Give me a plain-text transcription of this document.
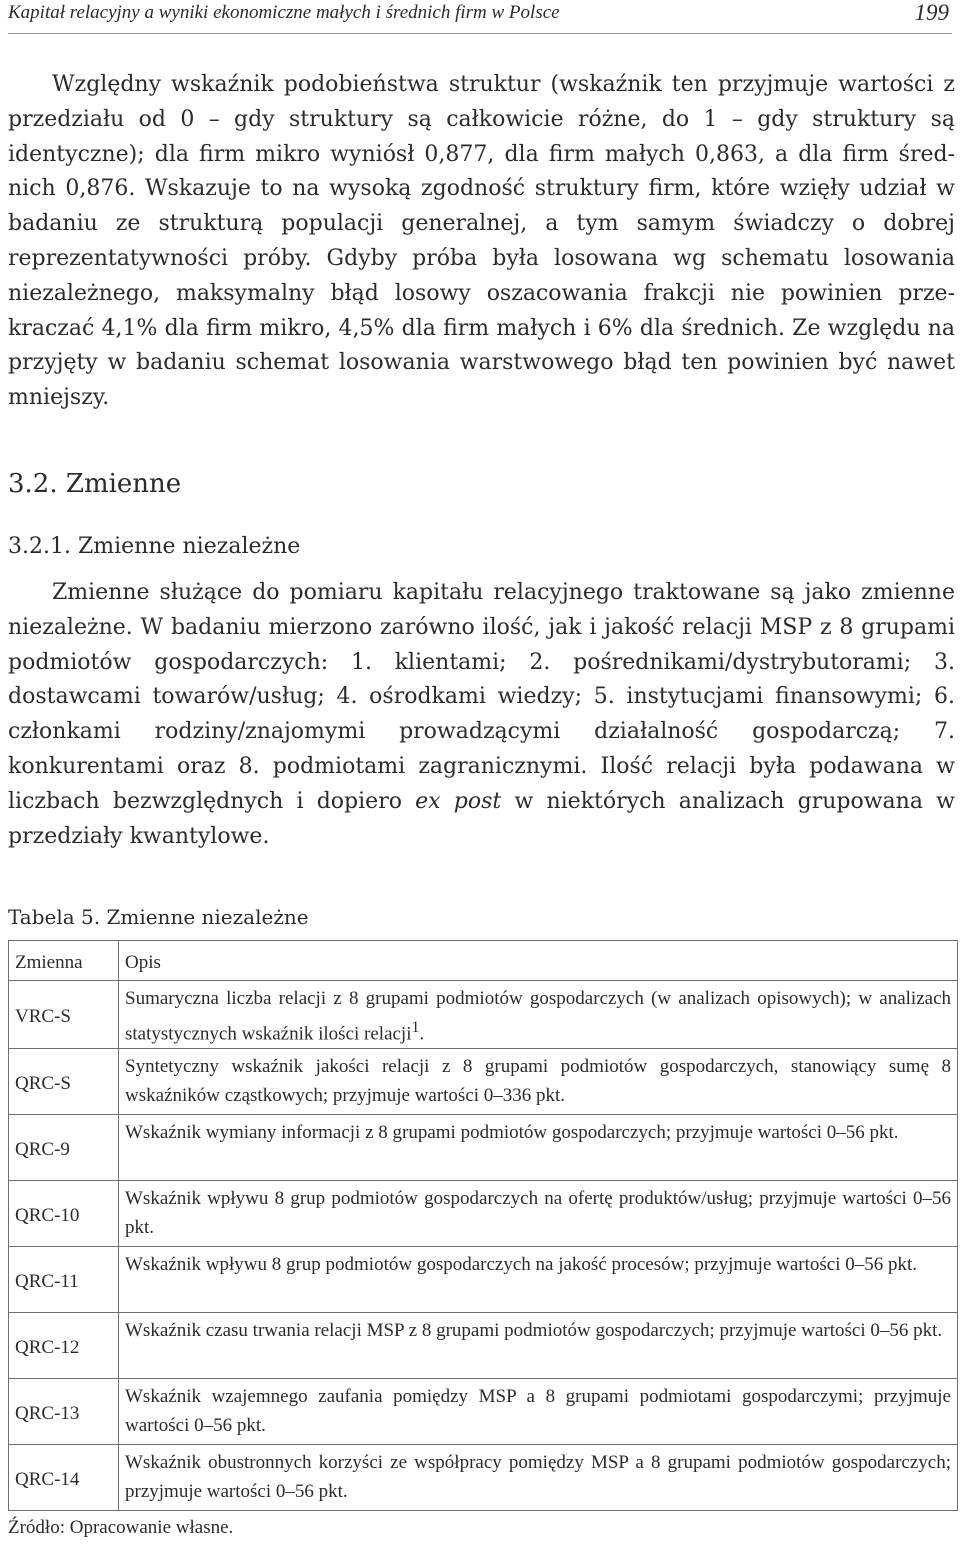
Kapitał relacyjny a wyniki ekonomiczne małych i średnich firm w Polsce	199

Względny wskaźnik podobieństwa struktur (wskaźnik ten przyjmuje wartości z przedziału od 0 – gdy struktury są całkowicie różne, do 1 – gdy struktury są identyczne); dla firm mikro wyniósł 0,877, dla firm małych 0,863, a dla firm średnich 0,876. Wskazuje to na wysoką zgodność struktury firm, które wzięły udział w badaniu ze strukturą populacji generalnej, a tym samym świadczy o dobrej reprezentatywności próby. Gdyby próba była losowana wg schematu losowania niezależnego, maksymalny błąd losowy oszacowania frakcji nie powinien przekraczać 4,1% dla firm mikro, 4,5% dla firm małych i 6% dla średnich. Ze względu na przyjęty w badaniu schemat losowania warstwowego błąd ten powinien być nawet mniejszy.

3.2. Zmienne
3.2.1. Zmienne niezależne

Zmienne służące do pomiaru kapitału relacyjnego traktowane są jako zmienne niezależne. W badaniu mierzono zarówno ilość, jak i jakość relacji MSP z 8 grupami podmiotów gospodarczych: 1. klientami; 2. pośrednikami/dystrybutorami; 3. dostawcami towarów/usług; 4. ośrodkami wiedzy; 5. instytucjami finansowymi; 6. członkami rodziny/znajomymi prowadzącymi działalność gospodarczą; 7. konkurentami oraz 8. podmiotami zagranicznymi. Ilość relacji była podawana w liczbach bezwzględnych i dopiero ex post w niektórych analizach grupowana w przedziały kwantylowe.

Tabela 5. Zmienne niezależne

Zmienna	Opis
VRC-S	Sumaryczna liczba relacji z 8 grupami podmiotów gospodarczych (w analizach opisowych); w analizach statystycznych wskaźnik ilości relacji$^1$.
QRC-S	Syntetyczny wskaźnik jakości relacji z 8 grupami podmiotów gospodarczych, stanowiący sumę 8 wskaźników cząstkowych; przyjmuje wartości 0–336 pkt.
QRC-9	Wskaźnik wymiany informacji z 8 grupami podmiotów gospodarczych; przyjmuje wartości 0–56 pkt.
QRC-10	Wskaźnik wpływu 8 grup podmiotów gospodarczych na ofertę produktów/usług; przyjmuje wartości 0–56 pkt.
QRC-11	Wskaźnik wpływu 8 grup podmiotów gospodarczych na jakość procesów; przyjmuje wartości 0–56 pkt.
QRC-12	Wskaźnik czasu trwania relacji MSP z 8 grupami podmiotów gospodarczych; przyjmuje wartości 0–56 pkt.
QRC-13	Wskaźnik wzajemnego zaufania pomiędzy MSP a 8 grupami podmiotami gospodarczymi; przyjmuje wartości 0–56 pkt.
QRC-14	Wskaźnik obustronnych korzyści ze współpracy pomiędzy MSP a 8 grupami podmiotów gospodarczych; przyjmuje wartości 0–56 pkt.

Źródło: Opracowanie własne.
